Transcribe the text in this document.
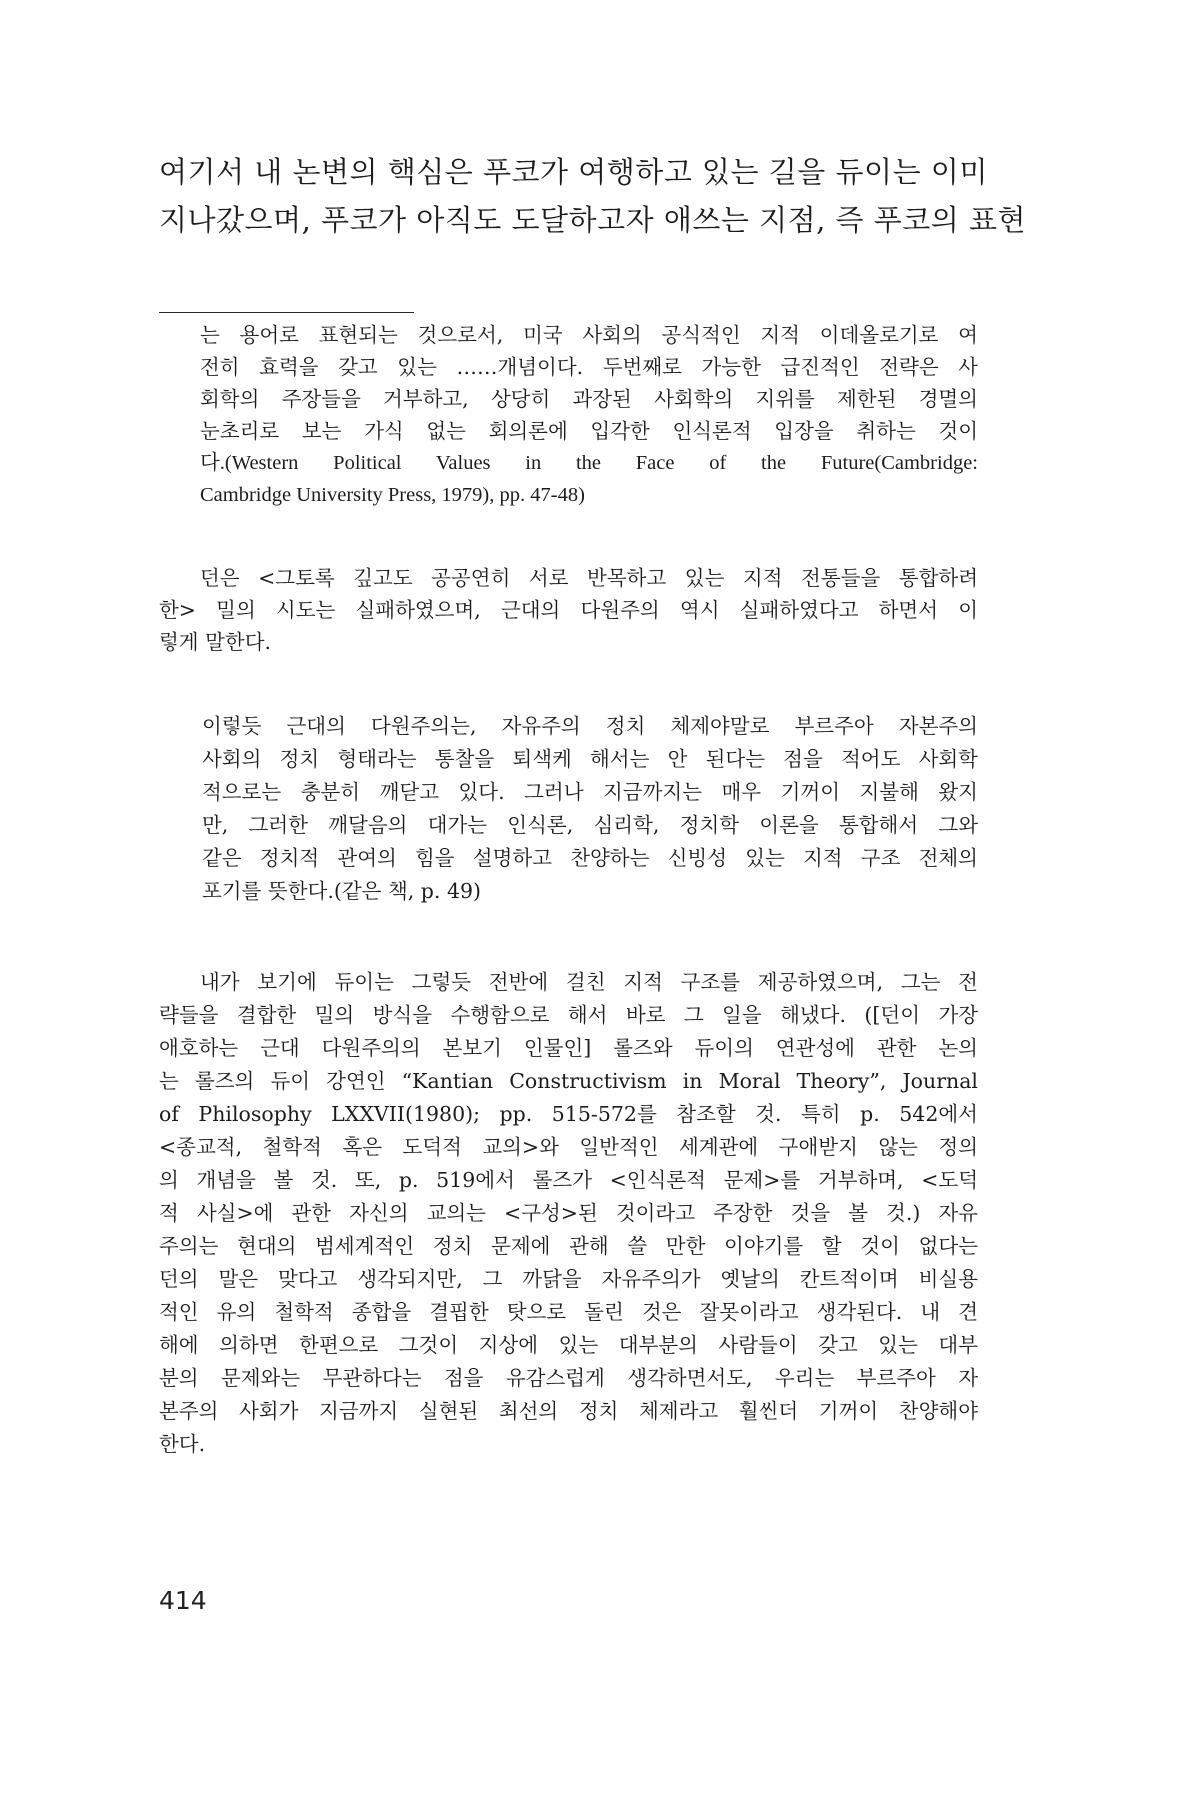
여기서 내 논변의 핵심은 푸코가 여행하고 있는 길을 듀이는 이미
지나갔으며, 푸코가 아직도 도달하고자 애쓰는 지점, 즉 푸코의 표현
는 용어로 표현되는 것으로서, 미국 사회의 공식적인 지적 이데올로기로 여
전히 효력을 갖고 있는 ……개념이다. 두번째로 가능한 급진적인 전략은 사
회학의 주장들을 거부하고, 상당히 과장된 사회학의 지위를 제한된 경멸의
눈초리로 보는 가식 없는 회의론에 입각한 인식론적 입장을 취하는 것이
다.(Western Political Values in the Face of the Future(Cambridge:
Cambridge University Press, 1979), pp. 47-48)
던은 <그토록 깊고도 공공연히 서로 반목하고 있는 지적 전통들을 통합하려
한> 밀의 시도는 실패하였으며, 근대의 다원주의 역시 실패하였다고 하면서 이
렇게 말한다.
이렇듯 근대의 다원주의는, 자유주의 정치 체제야말로 부르주아 자본주의
사회의 정치 형태라는 통찰을 퇴색케 해서는 안 된다는 점을 적어도 사회학
적으로는 충분히 깨닫고 있다. 그러나 지금까지는 매우 기꺼이 지불해 왔지
만, 그러한 깨달음의 대가는 인식론, 심리학, 정치학 이론을 통합해서 그와
같은 정치적 관여의 힘을 설명하고 찬양하는 신빙성 있는 지적 구조 전체의
포기를 뜻한다.(같은 책, p. 49)
내가 보기에 듀이는 그렇듯 전반에 걸친 지적 구조를 제공하였으며, 그는 전
략들을 결합한 밀의 방식을 수행함으로 해서 바로 그 일을 해냈다. ([던이 가장
애호하는 근대 다원주의의 본보기 인물인] 롤즈와 듀이의 연관성에 관한 논의
는 롤즈의 듀이 강연인 “Kantian Constructivism in Moral Theory”, Journal
of Philosophy LXXVII(1980); pp. 515-572를 참조할 것. 특히 p. 542에서
<종교적, 철학적 혹은 도덕적 교의>와 일반적인 세계관에 구애받지 않는 정의
의 개념을 볼 것. 또, p. 519에서 롤즈가 <인식론적 문제>를 거부하며, <도덕
적 사실>에 관한 자신의 교의는 <구성>된 것이라고 주장한 것을 볼 것.) 자유
주의는 현대의 범세계적인 정치 문제에 관해 쓸 만한 이야기를 할 것이 없다는
던의 말은 맞다고 생각되지만, 그 까닭을 자유주의가 옛날의 칸트적이며 비실용
적인 유의 철학적 종합을 결핍한 탓으로 돌린 것은 잘못이라고 생각된다. 내 견
해에 의하면 한편으로 그것이 지상에 있는 대부분의 사람들이 갖고 있는 대부
분의 문제와는 무관하다는 점을 유감스럽게 생각하면서도, 우리는 부르주아 자
본주의 사회가 지금까지 실현된 최선의 정치 체제라고 훨씬더 기꺼이 찬양해야
한다.
414
